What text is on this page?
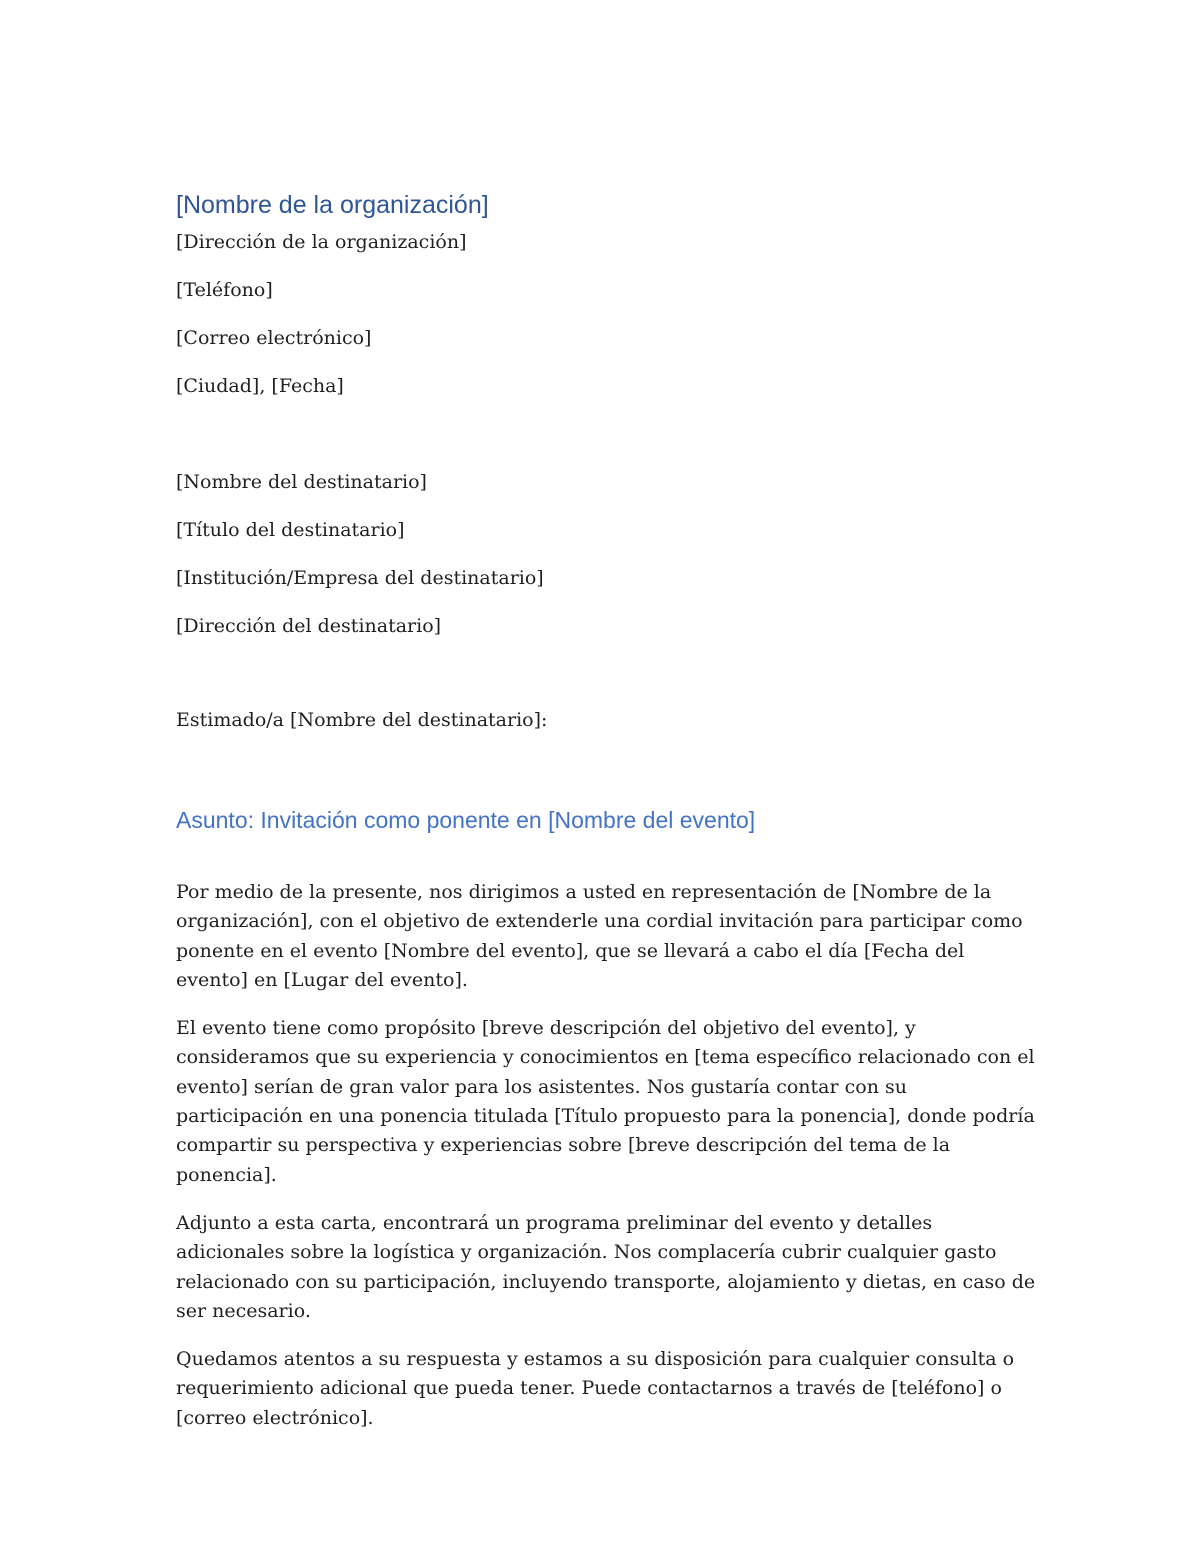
[Nombre de la organización]
[Dirección de la organización]
[Teléfono]
[Correo electrónico]
[Ciudad], [Fecha]
[Nombre del destinatario]
[Título del destinatario]
[Institución/Empresa del destinatario]
[Dirección del destinatario]
Estimado/a [Nombre del destinatario]:
Asunto: Invitación como ponente en [Nombre del evento]

Por medio de la presente, nos dirigimos a usted en representación de [Nombre de la organización], con el objetivo de extenderle una cordial invitación para participar como ponente en el evento [Nombre del evento], que se llevará a cabo el día [Fecha del evento] en [Lugar del evento].

El evento tiene como propósito [breve descripción del objetivo del evento], y consideramos que su experiencia y conocimientos en [tema específico relacionado con el evento] serían de gran valor para los asistentes. Nos gustaría contar con su participación en una ponencia titulada [Título propuesto para la ponencia], donde podría compartir su perspectiva y experiencias sobre [breve descripción del tema de la ponencia].

Adjunto a esta carta, encontrará un programa preliminar del evento y detalles adicionales sobre la logística y organización. Nos complacería cubrir cualquier gasto relacionado con su participación, incluyendo transporte, alojamiento y dietas, en caso de ser necesario.

Quedamos atentos a su respuesta y estamos a su disposición para cualquier consulta o requerimiento adicional que pueda tener. Puede contactarnos a través de [teléfono] o [correo electrónico].
